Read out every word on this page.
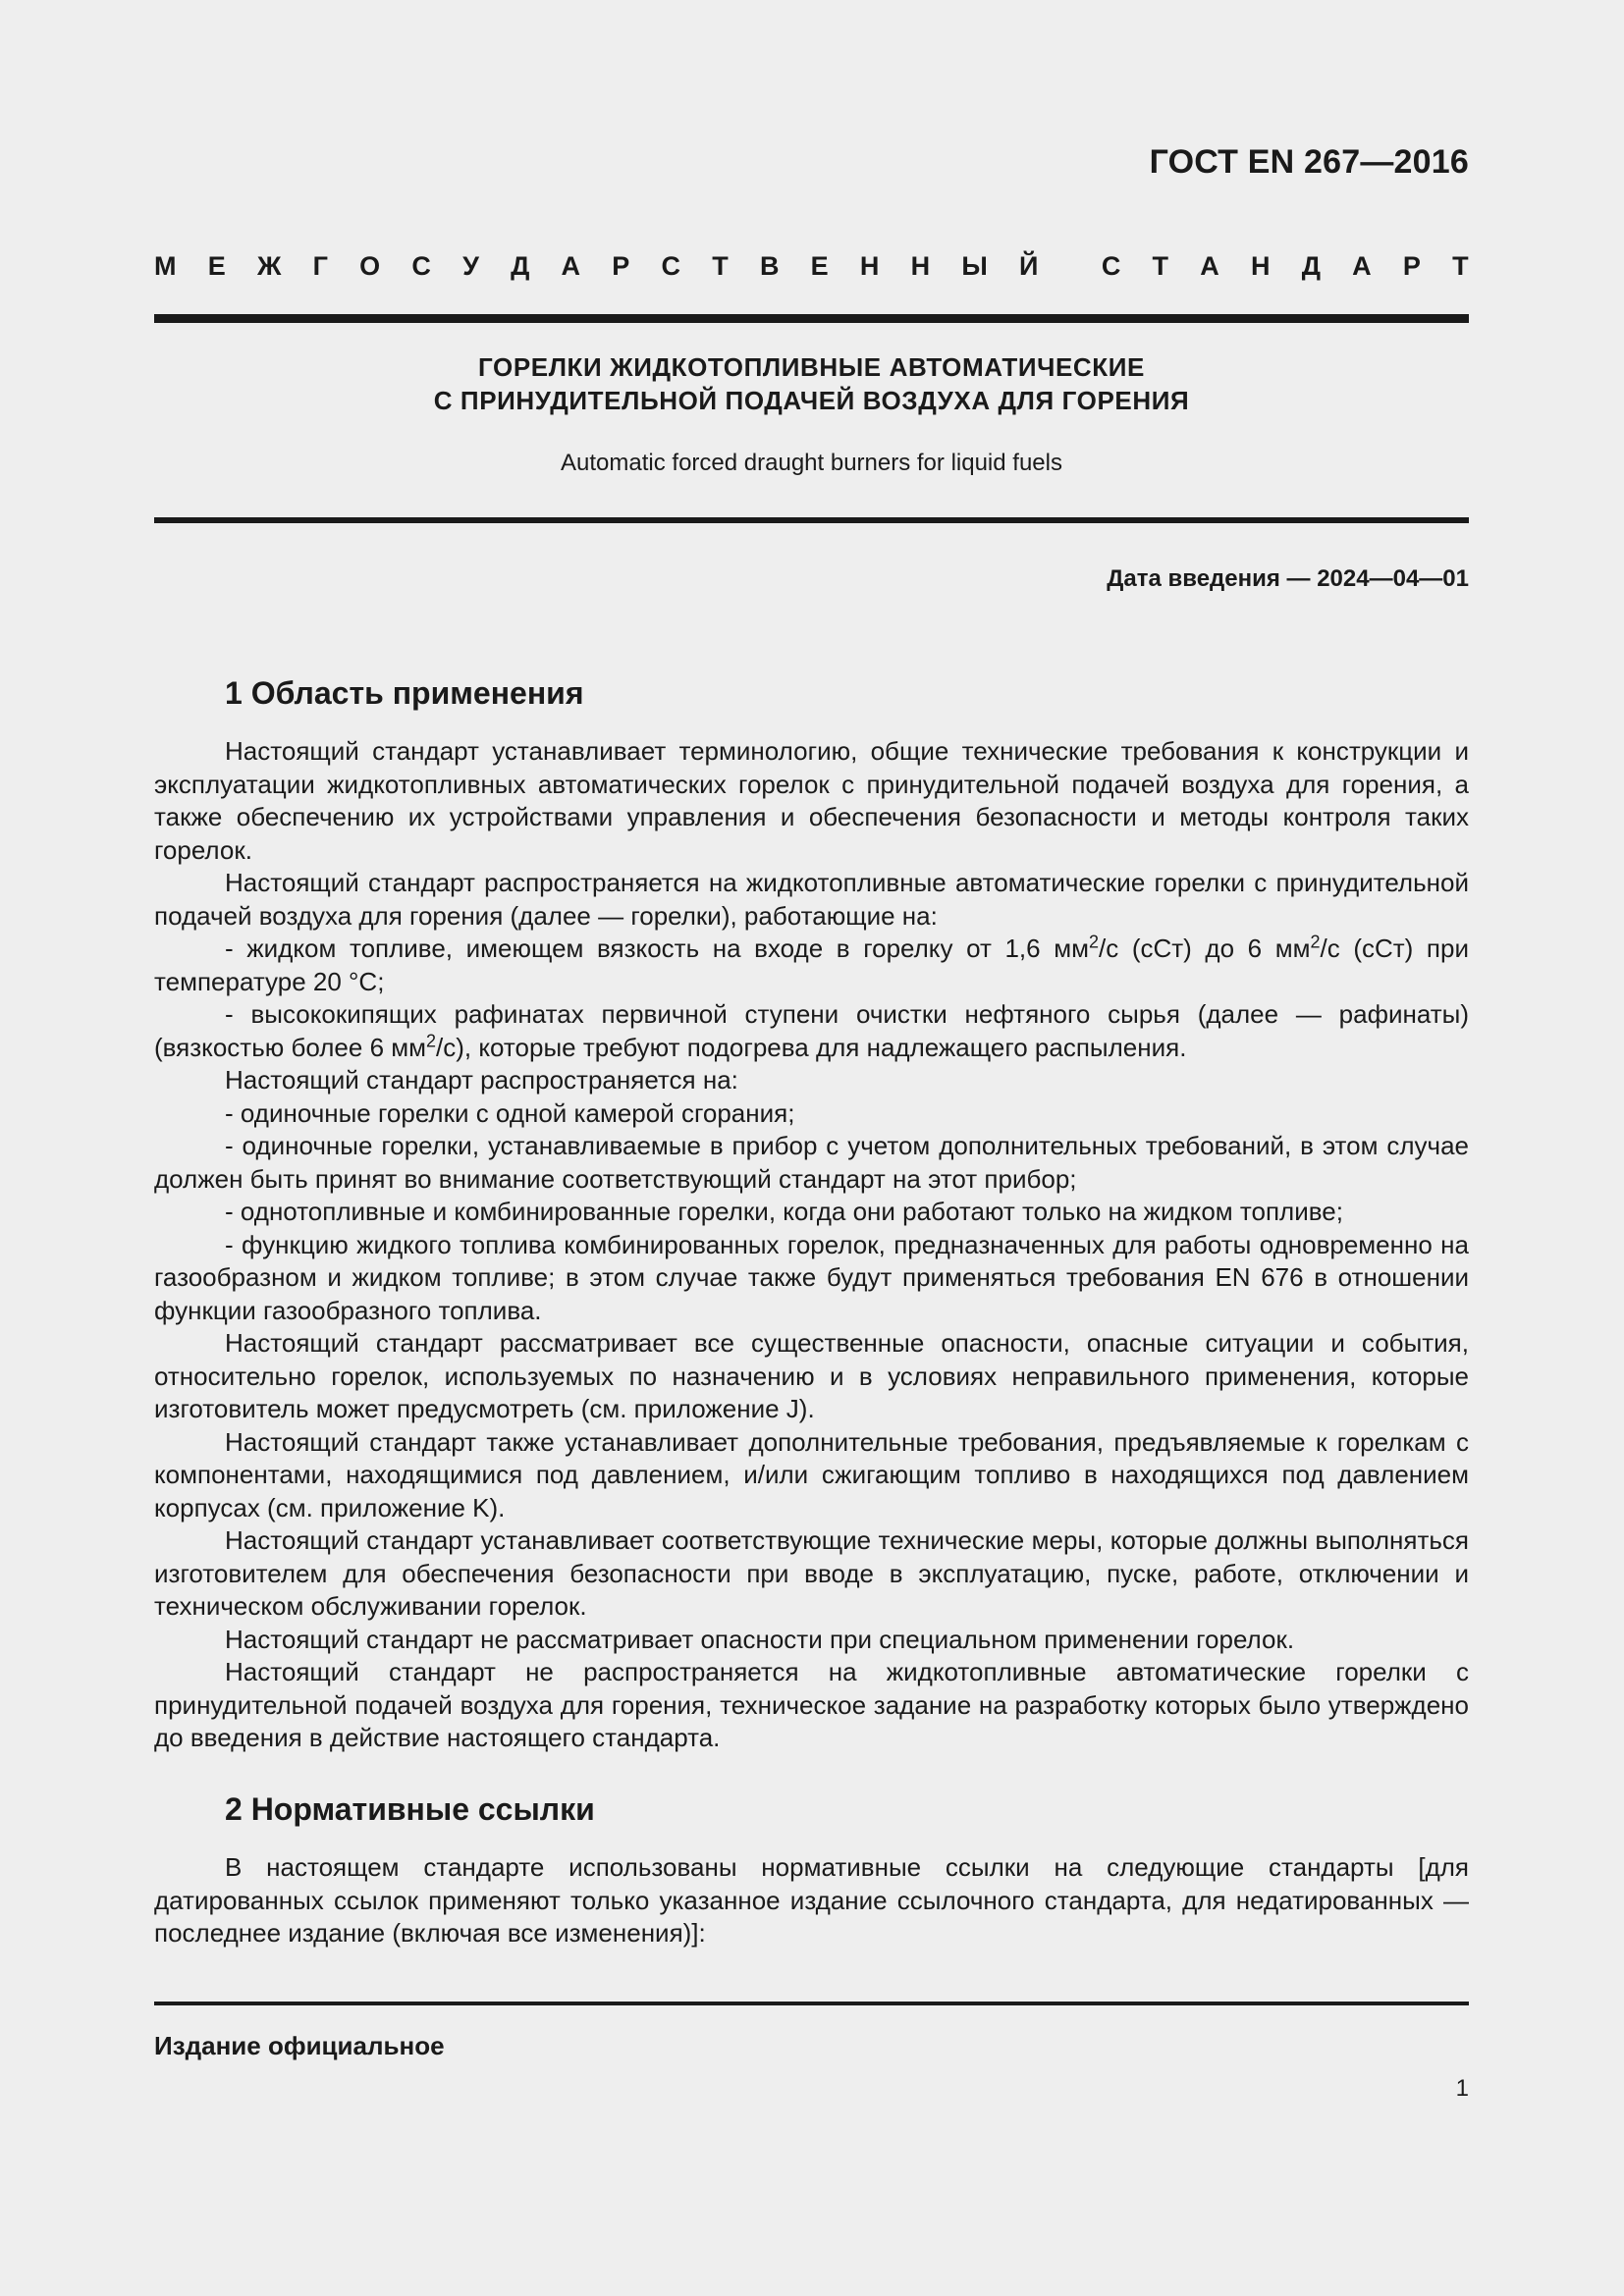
ГОСТ EN 267—2016
М Е Ж Г О С У Д А Р С Т В Е Н Н Ы Й С Т А Н Д А Р Т
ГОРЕЛКИ ЖИДКОТОПЛИВНЫЕ АВТОМАТИЧЕСКИЕ
С ПРИНУДИТЕЛЬНОЙ ПОДАЧЕЙ ВОЗДУХА ДЛЯ ГОРЕНИЯ
Automatic forced draught burners for liquid fuels
Дата введения — 2024—04—01
1 Область применения

Настоящий стандарт устанавливает терминологию, общие технические требования к конструкции и эксплуатации жидкотопливных автоматических горелок с принудительной подачей воздуха для горения, а также обеспечению их устройствами управления и обеспечения безопасности и методы контроля таких горелок.

Настоящий стандарт распространяется на жидкотопливные автоматические горелки с принудительной подачей воздуха для горения (далее — горелки), работающие на:

- жидком топливе, имеющем вязкость на входе в горелку от 1,6 $мм^2/с$ (сСт) до 6 $мм^2/с$ (сСт) при температуре 20 °С;

- высококипящих рафинатах первичной ступени очистки нефтяного сырья (далее — рафинаты) (вязкостью более 6 $мм^2/с$), которые требуют подогрева для надлежащего распыления.

Настоящий стандарт распространяется на:

- одиночные горелки с одной камерой сгорания;

- одиночные горелки, устанавливаемые в прибор с учетом дополнительных требований, в этом случае должен быть принят во внимание соответствующий стандарт на этот прибор;

- однотопливные и комбинированные горелки, когда они работают только на жидком топливе;

- функцию жидкого топлива комбинированных горелок, предназначенных для работы одновременно на газообразном и жидком топливе; в этом случае также будут применяться требования EN 676 в отношении функции газообразного топлива.

Настоящий стандарт рассматривает все существенные опасности, опасные ситуации и события, относительно горелок, используемых по назначению и в условиях неправильного применения, которые изготовитель может предусмотреть (см. приложение J).

Настоящий стандарт также устанавливает дополнительные требования, предъявляемые к горелкам с компонентами, находящимися под давлением, и/или сжигающим топливо в находящихся под давлением корпусах (см. приложение K).

Настоящий стандарт устанавливает соответствующие технические меры, которые должны выполняться изготовителем для обеспечения безопасности при вводе в эксплуатацию, пуске, работе, отключении и техническом обслуживании горелок.

Настоящий стандарт не рассматривает опасности при специальном применении горелок.

Настоящий стандарт не распространяется на жидкотопливные автоматические горелки с принудительной подачей воздуха для горения, техническое задание на разработку которых было утверждено до введения в действие настоящего стандарта.

2 Нормативные ссылки

В настоящем стандарте использованы нормативные ссылки на следующие стандарты [для датированных ссылок применяют только указанное издание ссылочного стандарта, для недатированных — последнее издание (включая все изменения)]:

Издание официальное
1
